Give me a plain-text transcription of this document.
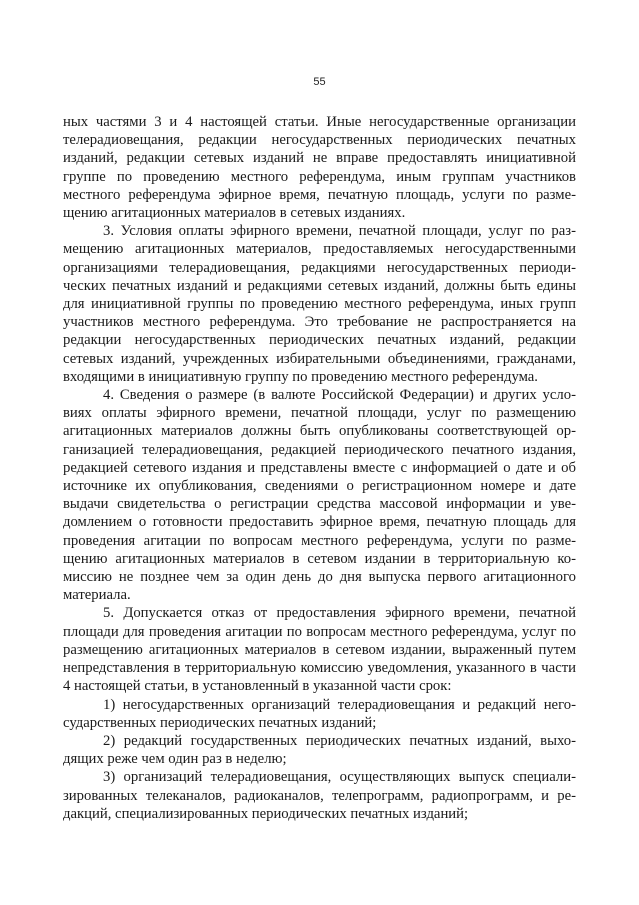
55

ных частями 3 и 4 настоящей статьи. Иные негосударственные организации телерадиовещания, редакции негосударственных периодических печатных изданий, редакции сетевых изданий не вправе предоставлять инициативной группе по проведению местного референдума, иным группам участников местного референдума эфирное время, печатную площадь, услуги по размещению агитационных материалов в сетевых изданиях.

3. Условия оплаты эфирного времени, печатной площади, услуг по размещению агитационных материалов, предоставляемых негосударственными организациями телерадиовещания, редакциями негосударственных периодических печатных изданий и редакциями сетевых изданий, должны быть едины для инициативной группы по проведению местного референдума, иных групп участников местного референдума. Это требование не распространяется на редакции негосударственных периодических печатных изданий, редакции сетевых изданий, учрежденных избирательными объединениями, гражданами, входящими в инициативную группу по проведению местного референдума.

4. Сведения о размере (в валюте Российской Федерации) и других условиях оплаты эфирного времени, печатной площади, услуг по размещению агитационных материалов должны быть опубликованы соответствующей организацией телерадиовещания, редакцией периодического печатного издания, редакцией сетевого издания и представлены вместе с информацией о дате и об источнике их опубликования, сведениями о регистрационном номере и дате выдачи свидетельства о регистрации средства массовой информации и уведомлением о готовности предоставить эфирное время, печатную площадь для проведения агитации по вопросам местного референдума, услуги по размещению агитационных материалов в сетевом издании в территориальную комиссию не позднее чем за один день до дня выпуска первого агитационного материала.

5. Допускается отказ от предоставления эфирного времени, печатной площади для проведения агитации по вопросам местного референдума, услуг по размещению агитационных материалов в сетевом издании, выраженный путем непредставления в территориальную комиссию уведомления, указанного в части 4 настоящей статьи, в установленный в указанной части срок:

1) негосударственных организаций телерадиовещания и редакций негосударственных периодических печатных изданий;

2) редакций государственных периодических печатных изданий, выходящих реже чем один раз в неделю;

3) организаций телерадиовещания, осуществляющих выпуск специализированных телеканалов, радиоканалов, телепрограмм, радиопрограмм, и редакций, специализированных периодических печатных изданий;
